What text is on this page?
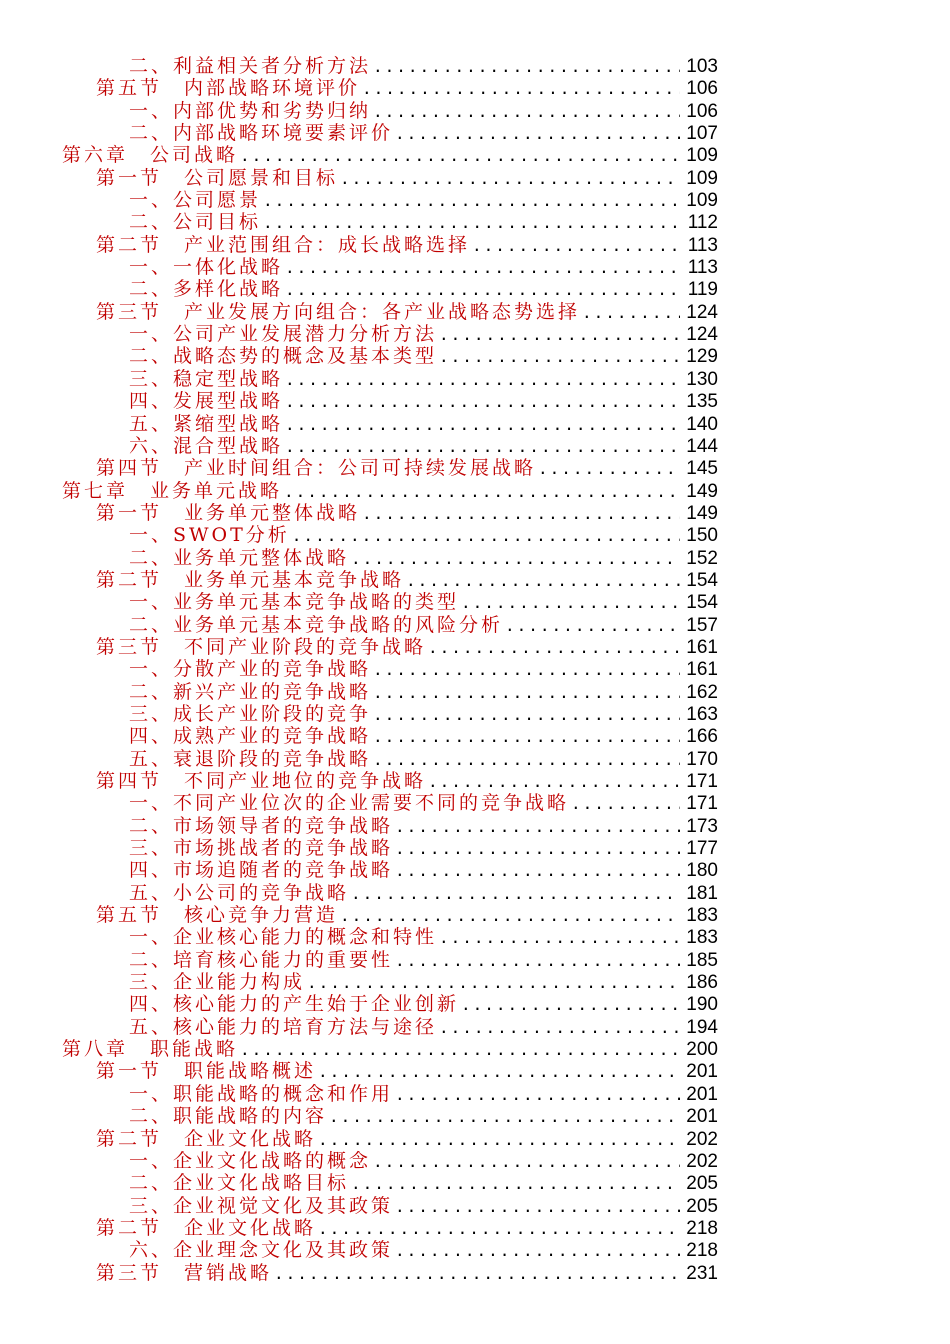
二、利益相关者分析方法 .....	103
第五节　内部战略环境评价 .....	106
一、内部优势和劣势归纳 .....	106
二、内部战略环境要素评价 .....	107
第六章　公司战略 .....	109
第一节　公司愿景和目标 .....	109
一、公司愿景 .....	109
二、公司目标 .....	112
第二节　产业范围组合：成长战略选择 .....	113
一、一体化战略 .....	113
二、多样化战略 .....	119
第三节　产业发展方向组合：各产业战略态势选择 .....	124
一、公司产业发展潜力分析方法 .....	124
二、战略态势的概念及基本类型 .....	129
三、稳定型战略 .....	130
四、发展型战略 .....	135
五、紧缩型战略 .....	140
六、混合型战略 .....	144
第四节　产业时间组合：公司可持续发展战略 .....	145
第七章　业务单元战略 .....	149
第一节　业务单元整体战略 .....	149
一、SWOT分析 .....	150
二、业务单元整体战略 .....	152
第二节　业务单元基本竞争战略 .....	154
一、业务单元基本竞争战略的类型 .....	154
二、业务单元基本竞争战略的风险分析 .....	157
第三节　不同产业阶段的竞争战略 .....	161
一、分散产业的竞争战略 .....	161
二、新兴产业的竞争战略 .....	162
三、成长产业阶段的竞争 .....	163
四、成熟产业的竞争战略 .....	166
五、衰退阶段的竞争战略 .....	170
第四节　不同产业地位的竞争战略 .....	171
一、不同产业位次的企业需要不同的竞争战略 .....	171
二、市场领导者的竞争战略 .....	173
三、市场挑战者的竞争战略 .....	177
四、市场追随者的竞争战略 .....	180
五、小公司的竞争战略 .....	181
第五节　核心竞争力营造 .....	183
一、企业核心能力的概念和特性 .....	183
二、培育核心能力的重要性 .....	185
三、企业能力构成 .....	186
四、核心能力的产生始于企业创新 .....	190
五、核心能力的培育方法与途径 .....	194
第八章　职能战略 .....	200
第一节　职能战略概述 .....	201
一、职能战略的概念和作用 .....	201
二、职能战略的内容 .....	201
第二节　企业文化战略 .....	202
一、企业文化战略的概念 .....	202
二、企业文化战略目标 .....	205
三、企业视觉文化及其政策 .....	205
第二节　企业文化战略 .....	218
六、企业理念文化及其政策 .....	218
第三节　营销战略 .....	231
